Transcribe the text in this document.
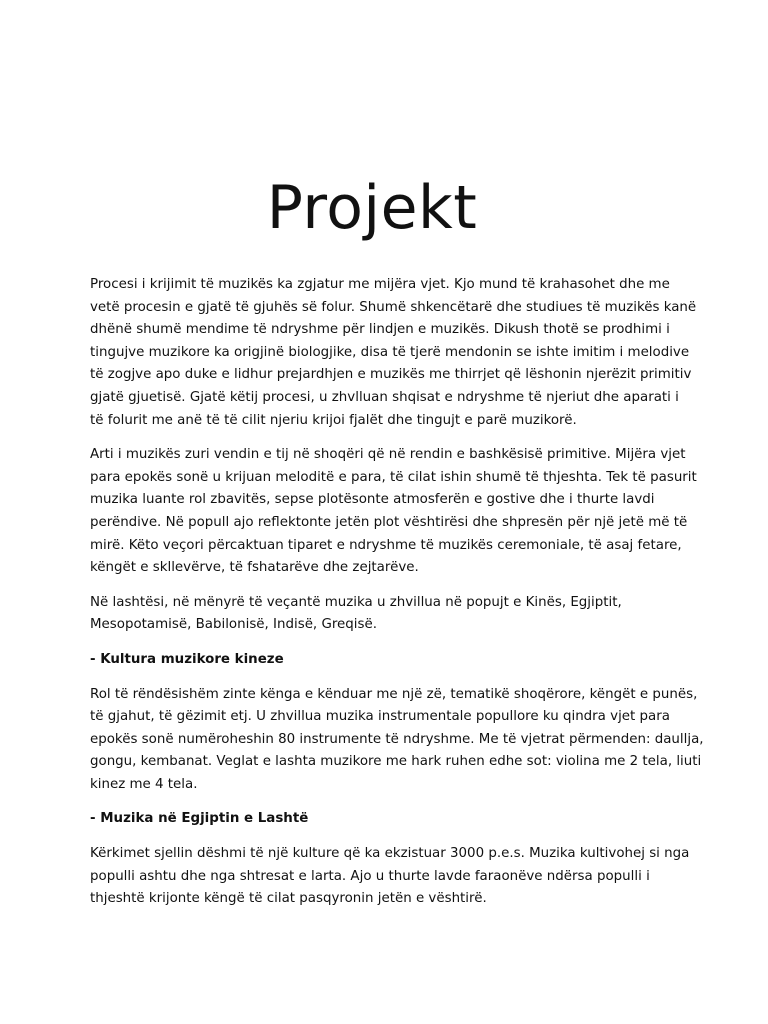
Projekt

Procesi i krijimit të muzikës ka zgjatur me mijëra vjet. Kjo mund të krahasohet dhe me
vetë procesin e gjatë të gjuhës së folur. Shumë shkencëtarë dhe studiues të muzikës kanë
dhënë shumë mendime të ndryshme për lindjen e muzikës. Dikush thotë se prodhimi i
tingujve muzikore ka origjinë biologjike, disa të tjerë mendonin se ishte imitim i melodive
të zogjve apo duke e lidhur prejardhjen e muzikës me thirrjet që lëshonin njerëzit primitiv
gjatë gjuetisë. Gjatë këtij procesi, u zhvlluan shqisat e ndryshme të njeriut dhe aparati i
të folurit me anë të të cilit njeriu krijoi fjalët dhe tingujt e parë muzikorë.

Arti i muzikës zuri vendin e tij në shoqëri që në rendin e bashkësisë primitive. Mijëra vjet
para epokës sonë u krijuan meloditë e para, të cilat ishin shumë të thjeshta. Tek të pasurit
muzika luante rol zbavitës, sepse plotësonte atmosferën e gostive dhe i thurte lavdi
perëndive. Në popull ajo reflektonte jetën plot vështirësi dhe shpresën për një jetë më të
mirë. Këto veçori përcaktuan tiparet e ndryshme të muzikës ceremoniale, të asaj fetare,
këngët e skllevërve, të fshatarëve dhe zejtarëve.

Në lashtësi, në mënyrë të veçantë muzika u zhvillua në popujt e Kinës, Egjiptit,
Mesopotamisë, Babilonisë, Indisë, Greqisë.

- Kultura muzikore kineze

Rol të rëndësishëm zinte kënga e kënduar me një zë, tematikë shoqërore, këngët e punës,
të gjahut, të gëzimit etj. U zhvillua muzika instrumentale popullore ku qindra vjet para
epokës sonë numëroheshin 80 instrumente të ndryshme. Me të vjetrat përmenden: daullja,
gongu, kembanat. Veglat e lashta muzikore me hark ruhen edhe sot: violina me 2 tela, liuti
kinez me 4 tela.

- Muzika në Egjiptin e Lashtë

Kërkimet sjellin dëshmi të një kulture që ka ekzistuar 3000 p.e.s. Muzika kultivohej si nga
populli ashtu dhe nga shtresat e larta. Ajo u thurte lavde faraonëve ndërsa populli i
thjeshtë krijonte këngë të cilat pasqyronin jetën e vështirë.
